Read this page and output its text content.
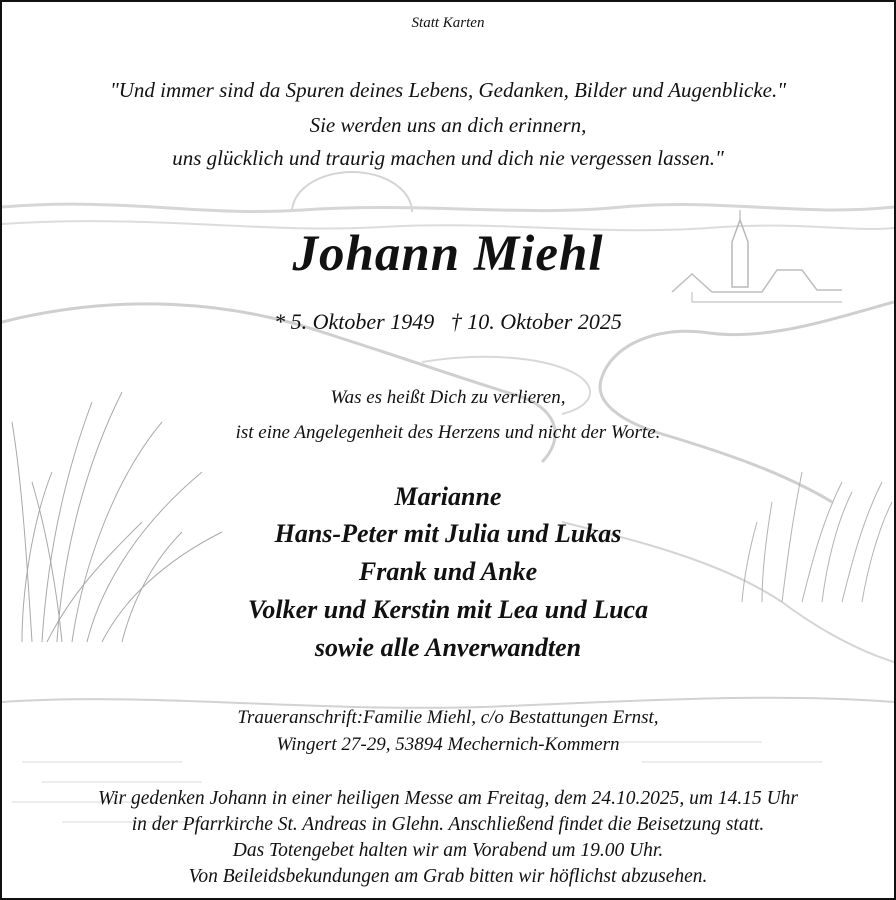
Statt Karten
"Und immer sind da Spuren deines Lebens, Gedanken, Bilder und Augenblicke."
Sie werden uns an dich erinnern,
uns glücklich und traurig machen und dich nie vergessen lassen."
Johann Miehl
* 5. Oktober 1949   † 10. Oktober 2025
Was es heißt Dich zu verlieren,
ist eine Angelegenheit des Herzens und nicht der Worte.
Marianne
Hans-Peter mit Julia und Lukas
Frank und Anke
Volker und Kerstin mit Lea und Luca
sowie alle Anverwandten
Traueranschrift:Familie Miehl, c/o Bestattungen Ernst,
Wingert 27-29, 53894 Mechernich-Kommern
Wir gedenken Johann in einer heiligen Messe am Freitag, dem 24.10.2025, um 14.15 Uhr
in der Pfarrkirche St. Andreas in Glehn. Anschließend findet die Beisetzung statt.
Das Totengebet halten wir am Vorabend um 19.00 Uhr.
Von Beileidsbekundungen am Grab bitten wir höflichst abzusehen.
